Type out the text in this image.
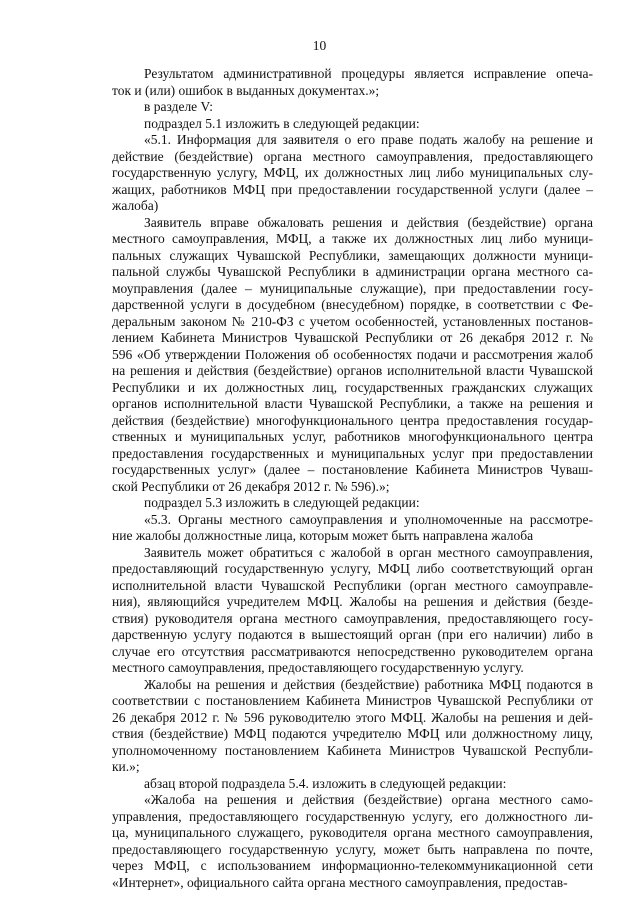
10
Результатом административной процедуры является исправление опеча-
ток и (или) ошибок в выданных документах.»;
в разделе V:
подраздел 5.1 изложить в следующей редакции:
«5.1. Информация для заявителя о его праве подать жалобу на решение и
действие (бездействие) органа местного самоуправления, предоставляющего
государственную услугу, МФЦ, их должностных лиц либо муниципальных слу-
жащих, работников МФЦ при предоставлении государственной услуги (далее –
жалоба)
Заявитель вправе обжаловать решения и действия (бездействие) органа
местного самоуправления, МФЦ, а также их должностных лиц либо муници-
пальных служащих Чувашской Республики, замещающих должности муници-
пальной службы Чувашской Республики в администрации органа местного са-
моуправления (далее – муниципальные служащие), при предоставлении госу-
дарственной услуги в досудебном (внесудебном) порядке, в соответствии с Фе-
деральным законом № 210-ФЗ с учетом особенностей, установленных постанов-
лением Кабинета Министров Чувашской Республики от 26 декабря 2012 г. №
596 «Об утверждении Положения об особенностях подачи и рассмотрения жалоб
на решения и действия (бездействие) органов исполнительной власти Чувашской
Республики и их должностных лиц, государственных гражданских служащих
органов исполнительной власти Чувашской Республики, а также на решения и
действия (бездействие) многофункционального центра предоставления государ-
ственных и муниципальных услуг, работников многофункционального центра
предоставления государственных и муниципальных услуг при предоставлении
государственных услуг» (далее – постановление Кабинета Министров Чуваш-
ской Республики от 26 декабря 2012 г. № 596).»;
подраздел 5.3 изложить в следующей редакции:
«5.3. Органы местного самоуправления и уполномоченные на рассмотре-
ние жалобы должностные лица, которым может быть направлена жалоба
Заявитель может обратиться с жалобой в орган местного самоуправления,
предоставляющий государственную услугу, МФЦ либо соответствующий орган
исполнительной власти Чувашской Республики (орган местного самоуправле-
ния), являющийся учредителем МФЦ. Жалобы на решения и действия (безде-
ствия) руководителя органа местного самоуправления, предоставляющего госу-
дарственную услугу подаются в вышестоящий орган (при его наличии) либо в
случае его отсутствия рассматриваются непосредственно руководителем органа
местного самоуправления, предоставляющего государственную услугу.
Жалобы на решения и действия (бездействие) работника МФЦ подаются в
соответствии с постановлением Кабинета Министров Чувашской Республики от
26 декабря 2012 г. № 596 руководителю этого МФЦ. Жалобы на решения и дей-
ствия (бездействие) МФЦ подаются учредителю МФЦ или должностному лицу,
уполномоченному постановлением Кабинета Министров Чувашской Республи-
ки.»;
абзац второй подраздела 5.4. изложить в следующей редакции:
«Жалоба на решения и действия (бездействие) органа местного само-
управления, предоставляющего государственную услугу, его должностного ли-
ца, муниципального служащего, руководителя органа местного самоуправления,
предоставляющего государственную услугу, может быть направлена по почте,
через МФЦ, с использованием информационно-телекоммуникационной сети
«Интернет», официального сайта органа местного самоуправления, предостав-
